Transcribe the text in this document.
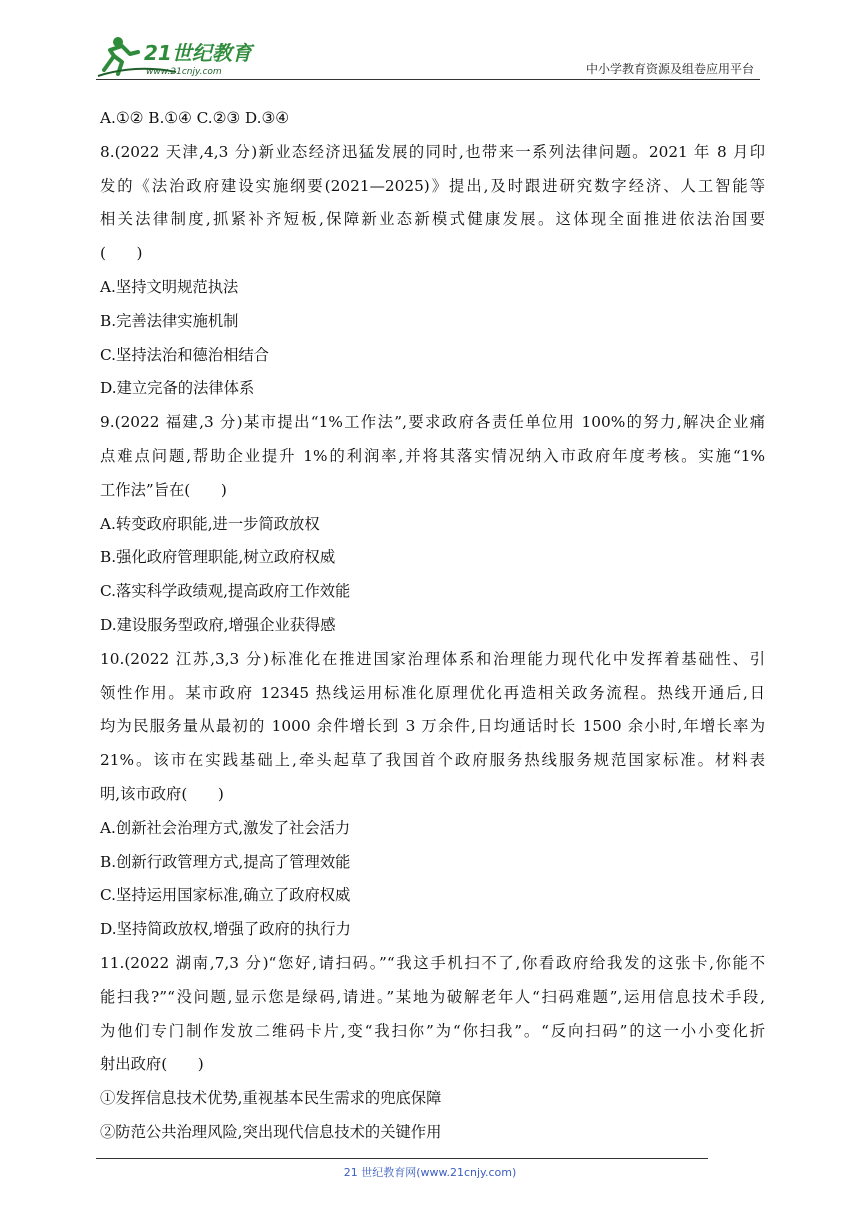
21世纪教育
www.21cnjy.com	中小学教育资源及组卷应用平台
A.①② B.①④ C.②③ D.③④
8.(2022 天津,4,3 分)新业态经济迅猛发展的同时,也带来一系列法律问题。2021 年 8 月印
发的《法治政府建设实施纲要(2021—2025)》提出,及时跟进研究数字经济、人工智能等
相关法律制度,抓紧补齐短板,保障新业态新模式健康发展。这体现全面推进依法治国要
(　　)
A.坚持文明规范执法
B.完善法律实施机制
C.坚持法治和德治相结合
D.建立完备的法律体系
9.(2022 福建,3 分)某市提出“1%工作法”,要求政府各责任单位用 100%的努力,解决企业痛
点难点问题,帮助企业提升 1%的利润率,并将其落实情况纳入市政府年度考核。实施“1%
工作法”旨在(　　)
A.转变政府职能,进一步简政放权
B.强化政府管理职能,树立政府权威
C.落实科学政绩观,提高政府工作效能
D.建设服务型政府,增强企业获得感
10.(2022 江苏,3,3 分)标准化在推进国家治理体系和治理能力现代化中发挥着基础性、引
领性作用。某市政府 12345 热线运用标准化原理优化再造相关政务流程。热线开通后,日
均为民服务量从最初的 1000 余件增长到 3 万余件,日均通话时长 1500 余小时,年增长率为
21%。该市在实践基础上,牵头起草了我国首个政府服务热线服务规范国家标准。材料表
明,该市政府(　　)
A.创新社会治理方式,激发了社会活力
B.创新行政管理方式,提高了管理效能
C.坚持运用国家标准,确立了政府权威
D.坚持简政放权,增强了政府的执行力
11.(2022 湖南,7,3 分)“您好,请扫码。”“我这手机扫不了,你看政府给我发的这张卡,你能不
能扫我?”“没问题,显示您是绿码,请进。”某地为破解老年人“扫码难题”,运用信息技术手段,
为他们专门制作发放二维码卡片,变“我扫你”为“你扫我”。“反向扫码”的这一小小变化折
射出政府(　　)
①发挥信息技术优势,重视基本民生需求的兜底保障
②防范公共治理风险,突出现代信息技术的关键作用
21 世纪教育网(www.21cnjy.com)
